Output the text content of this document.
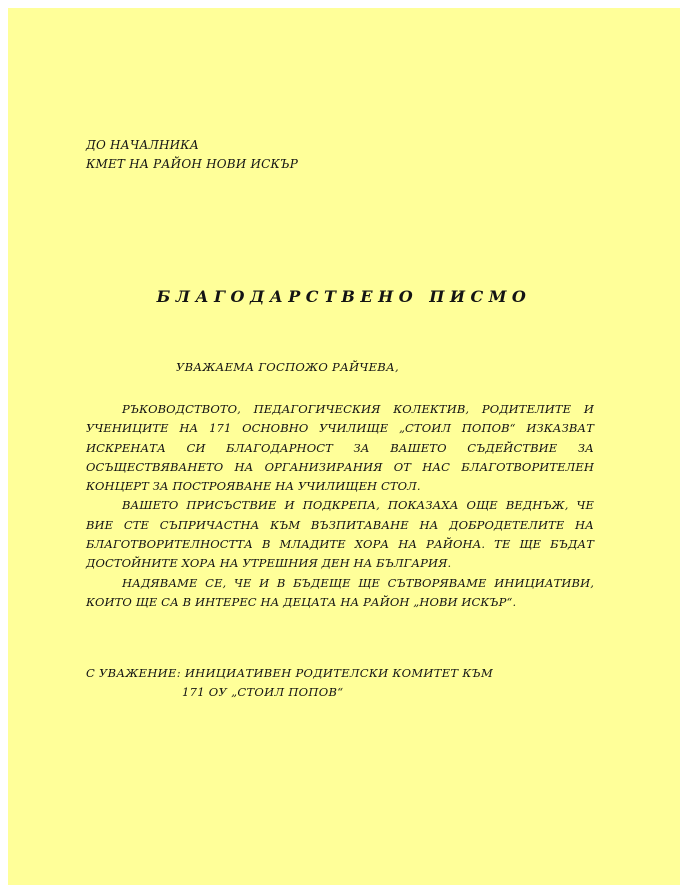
ДО НАЧАЛНИКА
КМЕТ НА РАЙОН НОВИ ИСКЪР
БЛАГОДАРСТВЕНО ПИСМО
УВАЖАЕМА ГОСПОЖО РАЙЧЕВА,

РЪКОВОДСТВОТО, ПЕДАГОГИЧЕСКИЯ КОЛЕКТИВ, РОДИТЕЛИТЕ И УЧЕНИЦИТЕ НА 171 ОСНОВНО УЧИЛИЩЕ „СТОИЛ ПОПОВ“ ИЗКАЗВАТ ИСКРЕНАТА СИ БЛАГОДАРНОСТ ЗА ВАШЕТО СЪДЕЙСТВИЕ ЗА ОСЪЩЕСТВЯВАНЕТО НА ОРГАНИЗИРАНИЯ ОТ НАС БЛАГОТВОРИТЕЛЕН КОНЦЕРТ ЗА ПОСТРОЯВАНЕ НА УЧИЛИЩЕН СТОЛ.

ВАШЕТО ПРИСЪСТВИЕ И ПОДКРЕПА, ПОКАЗАХА ОЩЕ ВЕДНЪЖ, ЧЕ ВИЕ СТЕ СЪПРИЧАСТНА КЪМ ВЪЗПИТАВАНЕ НА ДОБРОДЕТЕЛИТЕ НА БЛАГОТВОРИТЕЛНОСТТА В МЛАДИТЕ ХОРА НА РАЙОНА. ТЕ ЩЕ БЪДАТ ДОСТОЙНИТЕ ХОРА НА УТРЕШНИЯ ДЕН НА БЪЛГАРИЯ.

НАДЯВАМЕ СЕ, ЧЕ И В БЪДЕЩЕ ЩЕ СЪТВОРЯВАМЕ ИНИЦИАТИВИ, КОИТО ЩЕ СА В ИНТЕРЕС НА ДЕЦАТА НА РАЙОН „НОВИ ИСКЪР“.

С УВАЖЕНИЕ: ИНИЦИАТИВЕН РОДИТЕЛСКИ КОМИТЕТ КЪМ
171 ОУ „СТОИЛ ПОПОВ“
